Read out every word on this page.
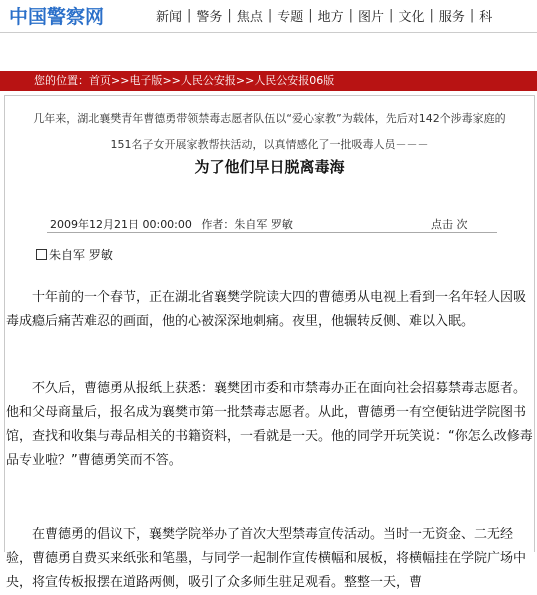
中国警察网	新闻 | 警务 | 焦点 | 专题 | 地方 | 图片 | 文化 | 服务 | 科
您的位置：首页>>电子版>>人民公安报>>人民公安报06版
几年来，湖北襄樊青年曹德勇带领禁毒志愿者队伍以“爱心家教”为载体，先后对142个涉毒家庭的
151名子女开展家教帮扶活动，以真情感化了一批吸毒人员－－－
为了他们早日脱离毒海
2009年12月21日 00:00:00 作者：朱自军 罗敏	点击 次
朱自军 罗敏
十年前的一个春节，正在湖北省襄樊学院读大四的曹德勇从电视上看到一名年轻人因吸毒成瘾后痛苦难忍的画面，他的心被深深地刺痛。夜里，他辗转反侧、难以入眠。
不久后，曹德勇从报纸上获悉：襄樊团市委和市禁毒办正在面向社会招募禁毒志愿者。他和父母商量后，报名成为襄樊市第一批禁毒志愿者。从此，曹德勇一有空便钻进学院图书馆，查找和收集与毒品相关的书籍资料，一看就是一天。他的同学开玩笑说：“你怎么改修毒品专业啦？”曹德勇笑而不答。
在曹德勇的倡议下，襄樊学院举办了首次大型禁毒宣传活动。当时一无资金、二无经验，曹德勇自费买来纸张和笔墨，与同学一起制作宣传横幅和展板，将横幅挂在学院广场中央，将宣传板报摆在道路两侧，吸引了众多师生驻足观看。整整一天，曹
